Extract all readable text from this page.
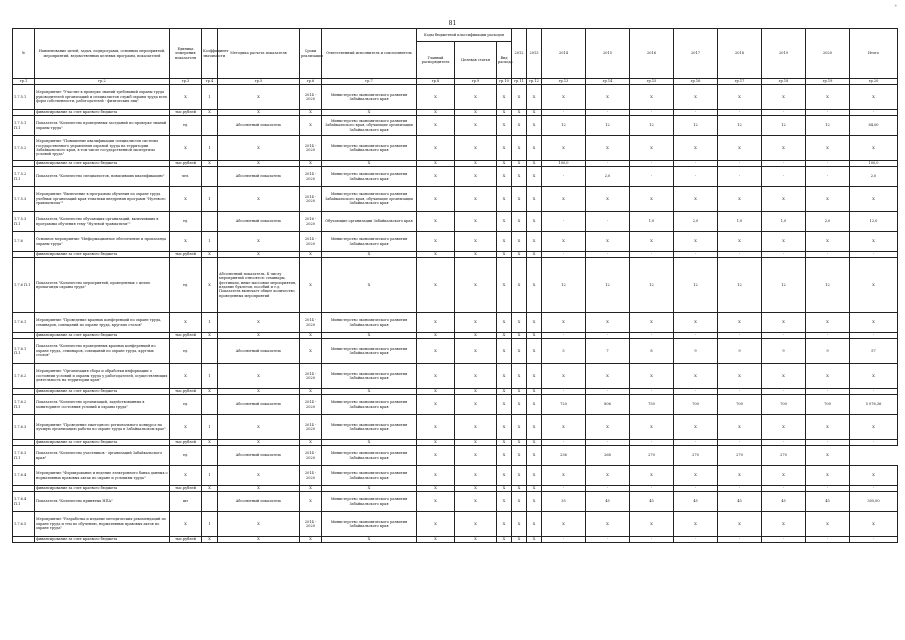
81
*
№	Наименование целей, задач, подпрограмм, основных мероприятий, мероприятий, ведомственных целевых программ, показателей	Единица измерения показателя	Коэффициент значимости	Методика расчета показателя	Сроки реализации	Ответственный исполнитель и соисполнитель	Коды бюджетной классификации расходов			2012	2013	2014	2015	2016	2017	2018	2019	2020	Итого
							Главный распорядитель	Целевая статья	Вид расхода										
гр.1	гр.2	гр.3	гр.4	гр.5	гр.6	гр.7	гр.8	гр.9	гр.10	гр.11	гр.12	гр.13	гр.14	гр.15	гр.16	гр.17	гр.18	гр.19	гр.20
1.7.5.1	Мероприятие "Участие в проверке знаний требований охраны труда руководителей организаций и специалистов служб охраны труда всех форм собственности, работодателей - физических лиц"	X	1	X	2014 - 2020	Министерство экономического развития Забайкальского края	X	X	X	X	X	X	X	X	X	X	X	X	X
	финансирование за счет краевого бюджета	тыс.рублей	X	X	X	X	X	X	X	X	X	-	-	-	-	-	-	-	-
1.7.5.1 П.1	Показатель "Количество проведенных заседаний по проверке знаний охраны труда"	ед.		Абсолютный показатель	X	Министерство экономического развития Забайкальского края, обучающие организации Забайкальского края	X	X	X	X	X	12	12	12	12	12	12	12	84,00
1.7.5.2	Мероприятие "Повышение квалификации специалистов системы государственного управления охраной труда на территории Забайкальского края, в том числе государственной экспертизы условий труда"	X	1	X	2014 - 2020	Министерство экономического развития Забайкальского края	X	X	X	X	X	X	X	X	X	X	X	X	X
	финансирование за счет краевого бюджета	тыс.рублей	X	X	X	X	X	X	X	X	X	100,0	-	-	-	-	-	-	100,0
1.7.5.2 П.1	Показатель "Количество специалистов, повысивших квалификацию"	чел.		Абсолютный показатель	2014 - 2020	Министерство экономического развития Забайкальского края	X	X	X	X	X	-	2,0	-	-	-	-	-	2,0
1.7.5.3	Мероприятие "Включение в программы обучения по охране труда учебных организаций края тематики внедрения программ "Нулевого травматизма""	X	1	X	2014 - 2020	Министерство экономического развития Забайкальского края, обучающие организации Забайкальского края	X	X	X	X	X	X	X	X	X	X	X	X	X
1.7.5.3 П.1	Показатель "Количество обучающих организаций, включивших в программы обучения тему "Нулевой травматизм""	ед.		Абсолютный показатель	2016 - 2020	Обучающие организации Забайкальского края	X	X	X	X	X	-	-	1,0	2,0	1,0	1,0	2,0	12,0
1.7.6	Основное мероприятие "Информационное обеспечение и пропаганда охраны труда"	X	1	X	2014 - 2020	Министерство экономического развития Забайкальского края	X	X	X	X	X	X	X	X	X	X	X	X	X
	финансирование за счет краевого бюджета	тыс.рублей	X	X	X	X	X	X	X	X	X	-	-	-	-	-	-	-	-
1.7.6 П.1	Показатель "Количество мероприятий, проведенных с целью пропаганды охраны труда"	ед.	X	Абсолютный показатель. К числу мероприятий относятся: семинары, фестивали, иные массовые мероприятия, издание буклетов, пособий и т.д. Показатель включает общее количество проведенных мероприятий	X	X	X	X	X	X	X	12	12	12	12	12	12	12	X
1.7.6.1	Мероприятие "Проведение краевых конференций по охране труда, семинаров, совещаний по охране труда, круглых столов"	X	1	X	2014 - 2020	Министерство экономического развития Забайкальского края	X	X	X	X	X	X	X	X	X	X	X	X	X
	финансирование за счет краевого бюджета	тыс.рублей	X	X	X	X	X	X	X	X	X	-	-	-	-	-	-	-	-
1.7.6.1 П.1	Показатель "Количество проведенных краевых конференций по охране труда, семинаров, совещаний по охране труда, круглых столов"	ед.		Абсолютный показатель	X	Министерство экономического развития Забайкальского края	X	X	X	X	X	5	7	8	9	9	9	9	57
1.7.6.2	Мероприятие "Организация сбора и обработки информации о состоянии условий и охраны труда у работодателей, осуществляющих деятельность на территории края"	X	1	X	2014 - 2020	Министерство экономического развития Забайкальского края	X	X	X	X	X	X	X	X	X	X	X	X	X
	финансирование за счет краевого бюджета	тыс.рублей	X	X	X	X	X	X	X	X	X	-	-	-	-	-	-	-	-
1.7.6.2 П.1	Показатель "Количество организаций, задействованных в мониторинге состояния условий и охраны труда"	ед.		Абсолютный показатель	2014 - 2020	Министерство экономического развития Забайкальского края	X	X	X	X	X	720	806	750	700	700	700	700	5 076,36
1.7.6.3	Мероприятие "Проведение ежегодного регионального конкурса на лучшую организацию работы по охране труда в Забайкальском крае"	X	1	X	2014 - 2020	Министерство экономического развития Забайкальского края	X	X	X	X	X	X	X	X	X	X	X	X	X
	финансирование за счет краевого бюджета	тыс.рублей	X	X	X	X	X	X	X	X	X	-	-	-	-	-	-	-	-
1.7.6.3 П.1	Показатель "Количество участников - организаций Забайкальского края"	ед.		Абсолютный показатель	2014 - 2020	Министерство экономического развития Забайкальского края	X	X	X	X	X	236	268	270	270	270	270	X	
1.7.6.4	Мероприятие "Формирование и ведение электронного банка данных о нормативных правовых актах по охране и условиям труда"	X	1	X	2014 - 2020	Министерство экономического развития Забайкальского края	X	X	X	X	X	X	X	X	X	X	X	X	X
	финансирование за счет краевого бюджета	тыс.рублей	X	X	X	X	X	X	X	X	X	-	-	-	-	-	-	-	-
1.7.6.4 П.1	Показатель "Количество принятых НПА"	шт		Абсолютный показатель	X	Министерство экономического развития Забайкальского края	X	X	X	X	X	35	45	45	45	45	45	45	305,00
1.7.6.5	Мероприятие "Разработка и издание методических рекомендаций по охране труда и тем по обучению, нормативных правовых актов по охране труда"	X	1	X	2014 - 2020	Министерство экономического развития Забайкальского края	X	X	X	X	X	X	X	X	X	X	X	X	X
	финансирование за счет краевого бюджета	тыс.рублей	X	X	X	X	X	X	X	X	X	-	-	-	-	-	-	-	-
